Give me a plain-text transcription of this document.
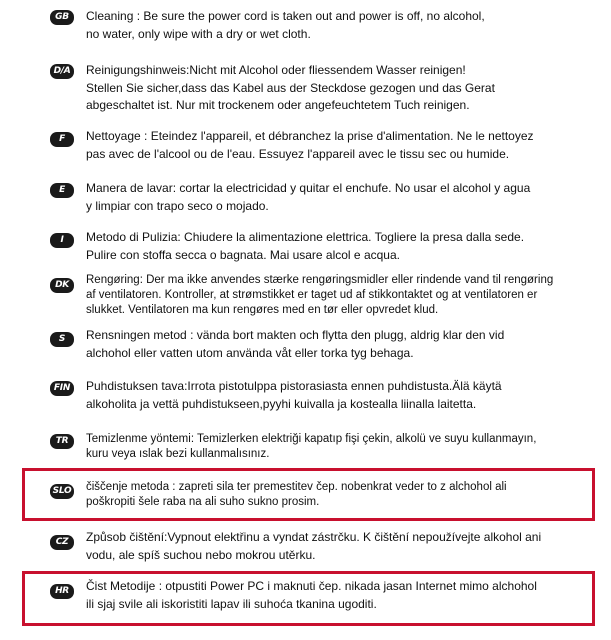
GB	Cleaning : Be sure the power cord is taken out and power is off, no alcohol,
no water, only wipe with a dry or wet cloth.
D/A Reinigungshinweis:Nicht mit Alcohol oder fliessendem Wasser reinigen!
Stellen Sie sicher,dass das Kabel aus der Steckdose gezogen und das Gerat
abgeschaltet ist. Nur mit trockenem oder angefeuchtetem Tuch reinigen.
F	Nettoyage : Eteindez l'appareil, et débranchez la prise d'alimentation. Ne le nettoyez
pas avec de l'alcool ou de l'eau. Essuyez l'appareil avec le tissu sec ou humide.
E	Manera de lavar: cortar la electricidad y quitar el enchufe. No usar el alcohol y agua
y limpiar con trapo seco o mojado.
I	Metodo di Pulizia: Chiudere la alimentazione elettrica. Togliere la presa dalla sede.
Pulire con stoffa secca o bagnata. Mai usare alcol e acqua.
DK	Rengøring: Der ma ikke anvendes stærke rengøringsmidler eller rindende vand til rengøring
af ventilatoren. Kontroller, at strømstikket er taget ud af stikkontaktet og at ventilatoren er
slukket. Ventilatoren ma kun rengøres med en tør eller opvredet klud.
S	Rensningen metod : vända bort makten och flytta den plugg, aldrig klar den vid
alchohol eller vatten utom använda våt eller torka tyg behaga.
FIN	Puhdistuksen tava:Irrota pistotulppa pistorasiasta ennen puhdistusta.Älä käytä
alkoholita ja vettä puhdistukseen,pyyhi kuivalla ja kostealla liinalla laitetta.
TR	Temizlenme yöntemi: Temizlerken elektriği kapatıp fişi çekin, alkolü ve suyu kullanmayın,
kuru veya ıslak bezi kullanmalısınız.
SLO čiščenje metoda : zapreti sila ter premestitev čep. nobenkrat veder to z alchohol ali
poškropiti šele raba na ali suho sukno prosim.
CZ	Způsob čištění:Vypnout elektřinu a vyndat zástrčku. K čištění nepoužívejte alkohol ani
vodu, ale spíš suchou nebo mokrou utěrku.
HR	Čist Metodije : otpustiti Power PC i maknuti čep. nikada jasan Internet mimo alchohol
ili sjaj svile ali iskoristiti lapav ili suhoća tkanina ugoditi.
